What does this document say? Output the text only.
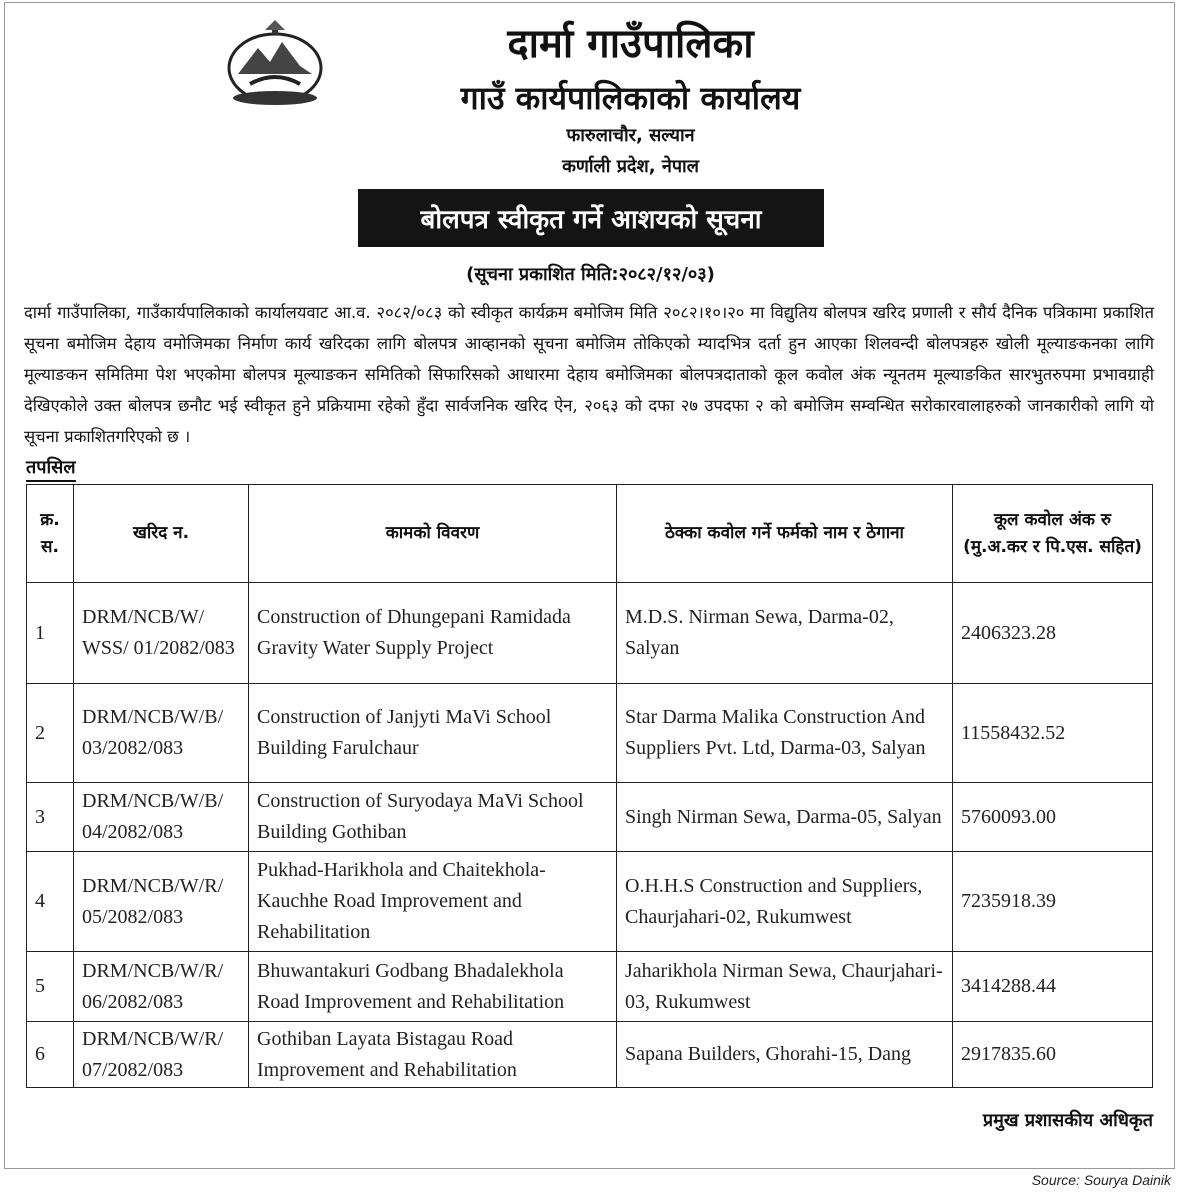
दार्मा गाउँपालिका
गाउँ कार्यपालिकाको कार्यालय
फारुलाचौर, सल्यान
कर्णाली प्रदेश, नेपाल
बोलपत्र स्वीकृत गर्ने आशयको सूचना
(सूचना प्रकाशित मिति:२०८२/१२/०३)
दार्मा गाउँपालिका, गाउँकार्यपालिकाको कार्यालयवाट आ.व. २०८२/०८३ को स्वीकृत कार्यक्रम बमोजिम मिति २०८२।१०।२० मा विद्युतिय बोलपत्र खरिद प्रणाली र सौर्य दैनिक पत्रिकामा प्रकाशित सूचना बमोजिम देहाय वमोजिमका निर्माण कार्य खरिदका लागि बोलपत्र आव्हानको सूचना बमोजिम तोकिएको म्यादभित्र दर्ता हुन आएका शिलवन्दी बोलपत्रहरु खोली मूल्याङकनका लागि मूल्याङकन समितिमा पेश भएकोमा बोलपत्र मूल्याङकन समितिको सिफारिसको आधारमा देहाय बमोजिमका बोलपत्रदाताको कूल कवोल अंक न्यूनतम मूल्याङकित सारभुतरुपमा प्रभावग्राही देखिएकोले उक्त बोलपत्र छनौट भई स्वीकृत हुने प्रक्रियामा रहेको हुँदा सार्वजनिक खरिद ऐन, २०६३ को दफा २७ उपदफा २ को बमोजिम सम्वन्धित सरोकारवालाहरुको जानकारीको लागि यो सूचना प्रकाशितगरिएको छ ।
तपसिल
क्र. स.	खरिद न.	कामको विवरण	ठेक्का कवोल गर्ने फर्मको नाम र ठेगाना	कूल कवोल अंक रु (मु.अ.कर र पि.एस. सहित)
1	DRM/NCB/W/ WSS/ 01/2082/083	Construction of Dhungepani Ramidada Gravity Water Supply Project	M.D.S. Nirman Sewa, Darma-02, Salyan	2406323.28
2	DRM/NCB/W/B/ 03/2082/083	Construction of Janjyti MaVi School Building Farulchaur	Star Darma Malika Construction And Suppliers Pvt. Ltd, Darma-03, Salyan	11558432.52
3	DRM/NCB/W/B/ 04/2082/083	Construction of Suryodaya MaVi School Building Gothiban	Singh Nirman Sewa, Darma-05, Salyan	5760093.00
4	DRM/NCB/W/R/ 05/2082/083	Pukhad-Harikhola and Chaitekhola-Kauchhe Road Improvement and Rehabilitation	O.H.H.S Construction and Suppliers, Chaurjahari-02, Rukumwest	7235918.39
5	DRM/NCB/W/R/ 06/2082/083	Bhuwantakuri Godbang Bhadalekhola Road Improvement and Rehabilitation	Jaharikhola Nirman Sewa, Chaurjahari-03, Rukumwest	3414288.44
6	DRM/NCB/W/R/ 07/2082/083	Gothiban Layata Bistagau Road Improvement and Rehabilitation	Sapana Builders, Ghorahi-15, Dang	2917835.60
प्रमुख प्रशासकीय अधिकृत
Source: Sourya Dainik
